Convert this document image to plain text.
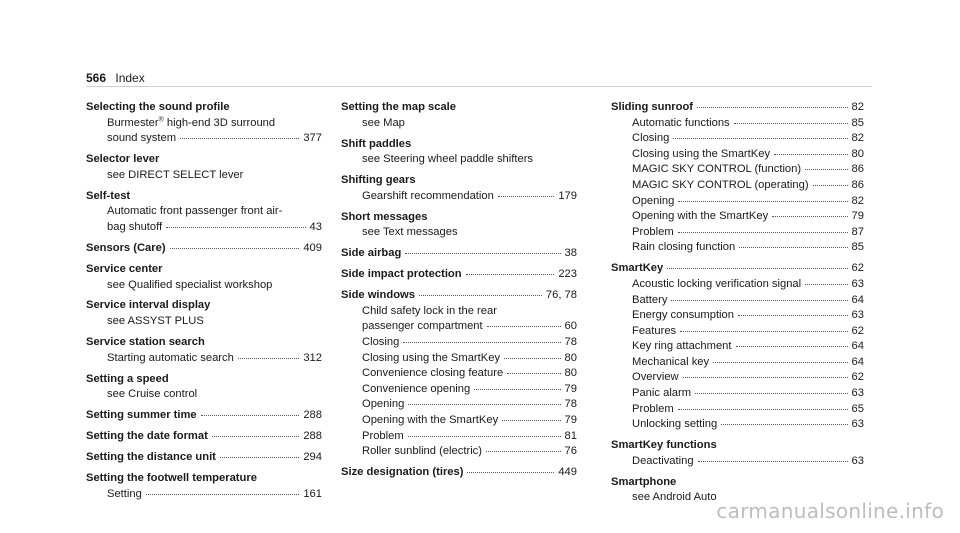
566 Index
Selecting the sound profile
Burmester® high-end 3D surround
sound system	377
Selector lever
see DIRECT SELECT lever
Self-test
Automatic front passenger front air-
bag shutoff	43
Sensors (Care)	409
Service center
see Qualified specialist workshop
Service interval display
see ASSYST PLUS
Service station search
Starting automatic search	312
Setting a speed
see Cruise control
Setting summer time	288
Setting the date format	288
Setting the distance unit	294
Setting the footwell temperature
Setting	161
Setting the map scale
see Map
Shift paddles
see Steering wheel paddle shifters
Shifting gears
Gearshift recommendation	179
Short messages
see Text messages
Side airbag	38
Side impact protection	223
Side windows	76, 78
Child safety lock in the rear
passenger compartment	60
Closing	78
Closing using the SmartKey	80
Convenience closing feature	80
Convenience opening	79
Opening	78
Opening with the SmartKey	79
Problem	81
Roller sunblind (electric)	76
Size designation (tires)	449
Sliding sunroof	82
Automatic functions	85
Closing	82
Closing using the SmartKey	80
MAGIC SKY CONTROL (function)	86
MAGIC SKY CONTROL (operating)	86
Opening	82
Opening with the SmartKey	79
Problem	87
Rain closing function	85
SmartKey	62
Acoustic locking verification signal	63
Battery	64
Energy consumption	63
Features	62
Key ring attachment	64
Mechanical key	64
Overview	62
Panic alarm	63
Problem	65
Unlocking setting	63
SmartKey functions
Deactivating	63
Smartphone
see Android Auto
carmanualsonline.info
